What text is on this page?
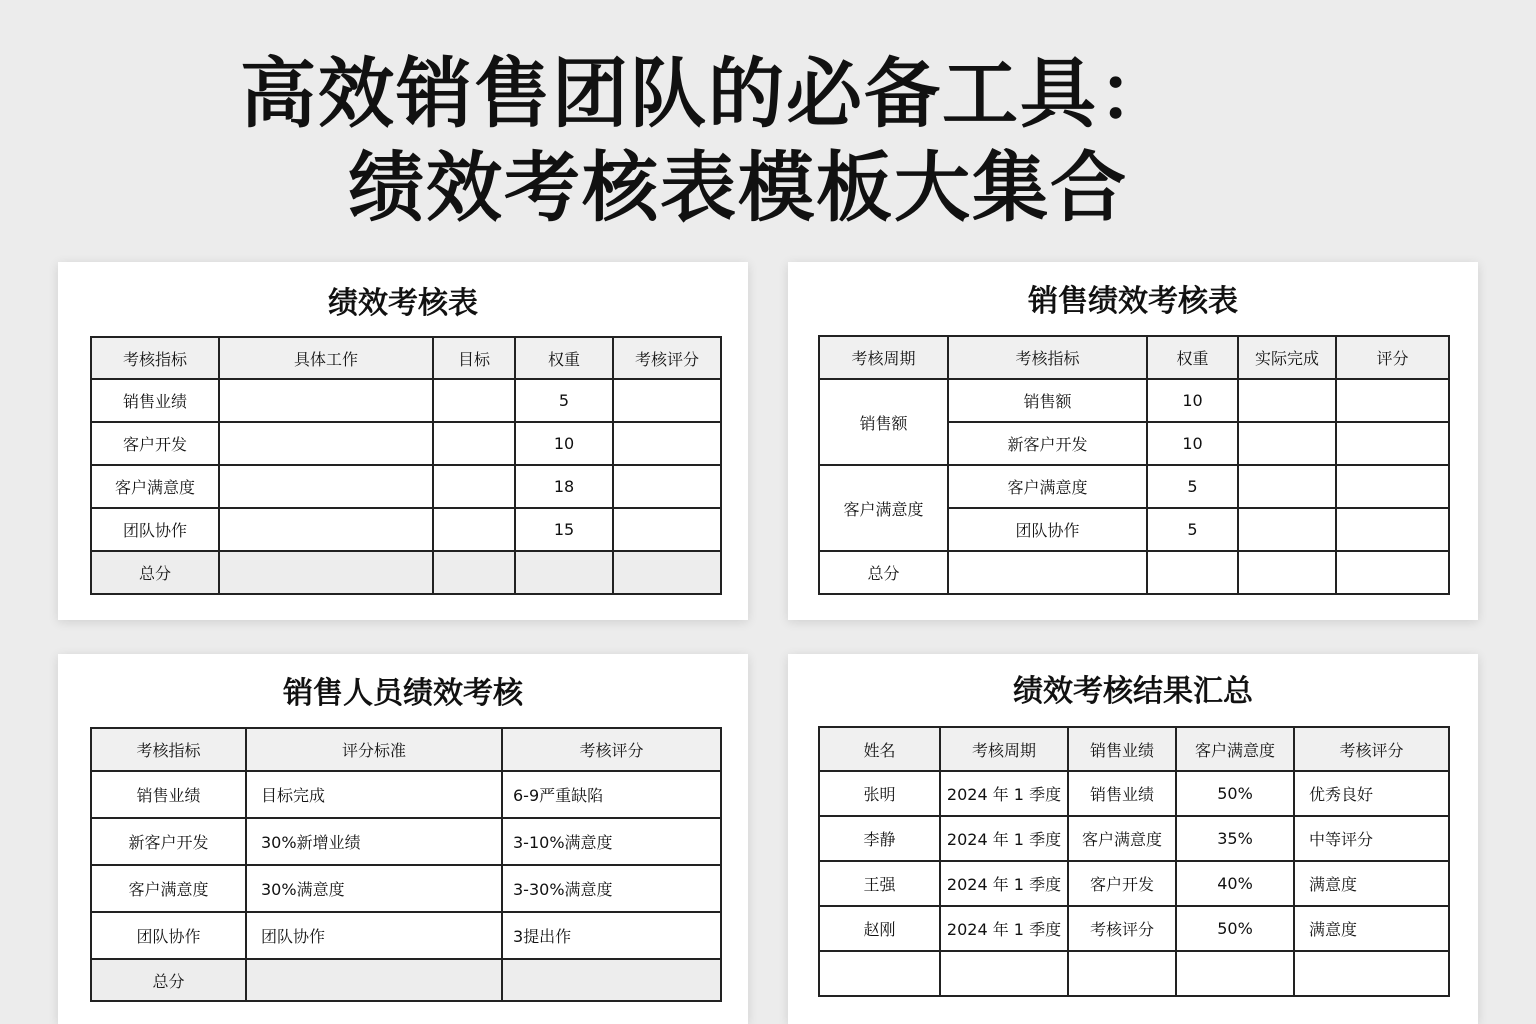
高效销售团队的必备工具：
绩效考核表模板大集合
绩效考核表
考核指标	具体工作	目标	权重	考核评分
销售业绩			5	
客户开发			10	
客户满意度			18	
团队协作			15	
总分				
销售绩效考核表
考核周期	考核指标	权重	实际完成	评分
销售额	销售额	10		
	新客户开发	10		
客户满意度	客户满意度	5		
	团队协作	5		
总分				
销售人员绩效考核
考核指标	评分标准	考核评分
销售业绩	目标完成	6-9严重缺陷
新客户开发	30%新增业绩	3-10%满意度
客户满意度	30%满意度	3-30%满意度
团队协作	团队协作	3提出作
总分		
绩效考核结果汇总
姓名	考核周期	销售业绩	客户满意度	考核评分
张明	2024 年 1 季度	销售业绩	50%	优秀良好
李静	2024 年 1 季度	客户满意度	35%	中等评分
王强	2024 年 1 季度	客户开发	40%	满意度
赵刚	2024 年 1 季度	考核评分	50%	满意度
